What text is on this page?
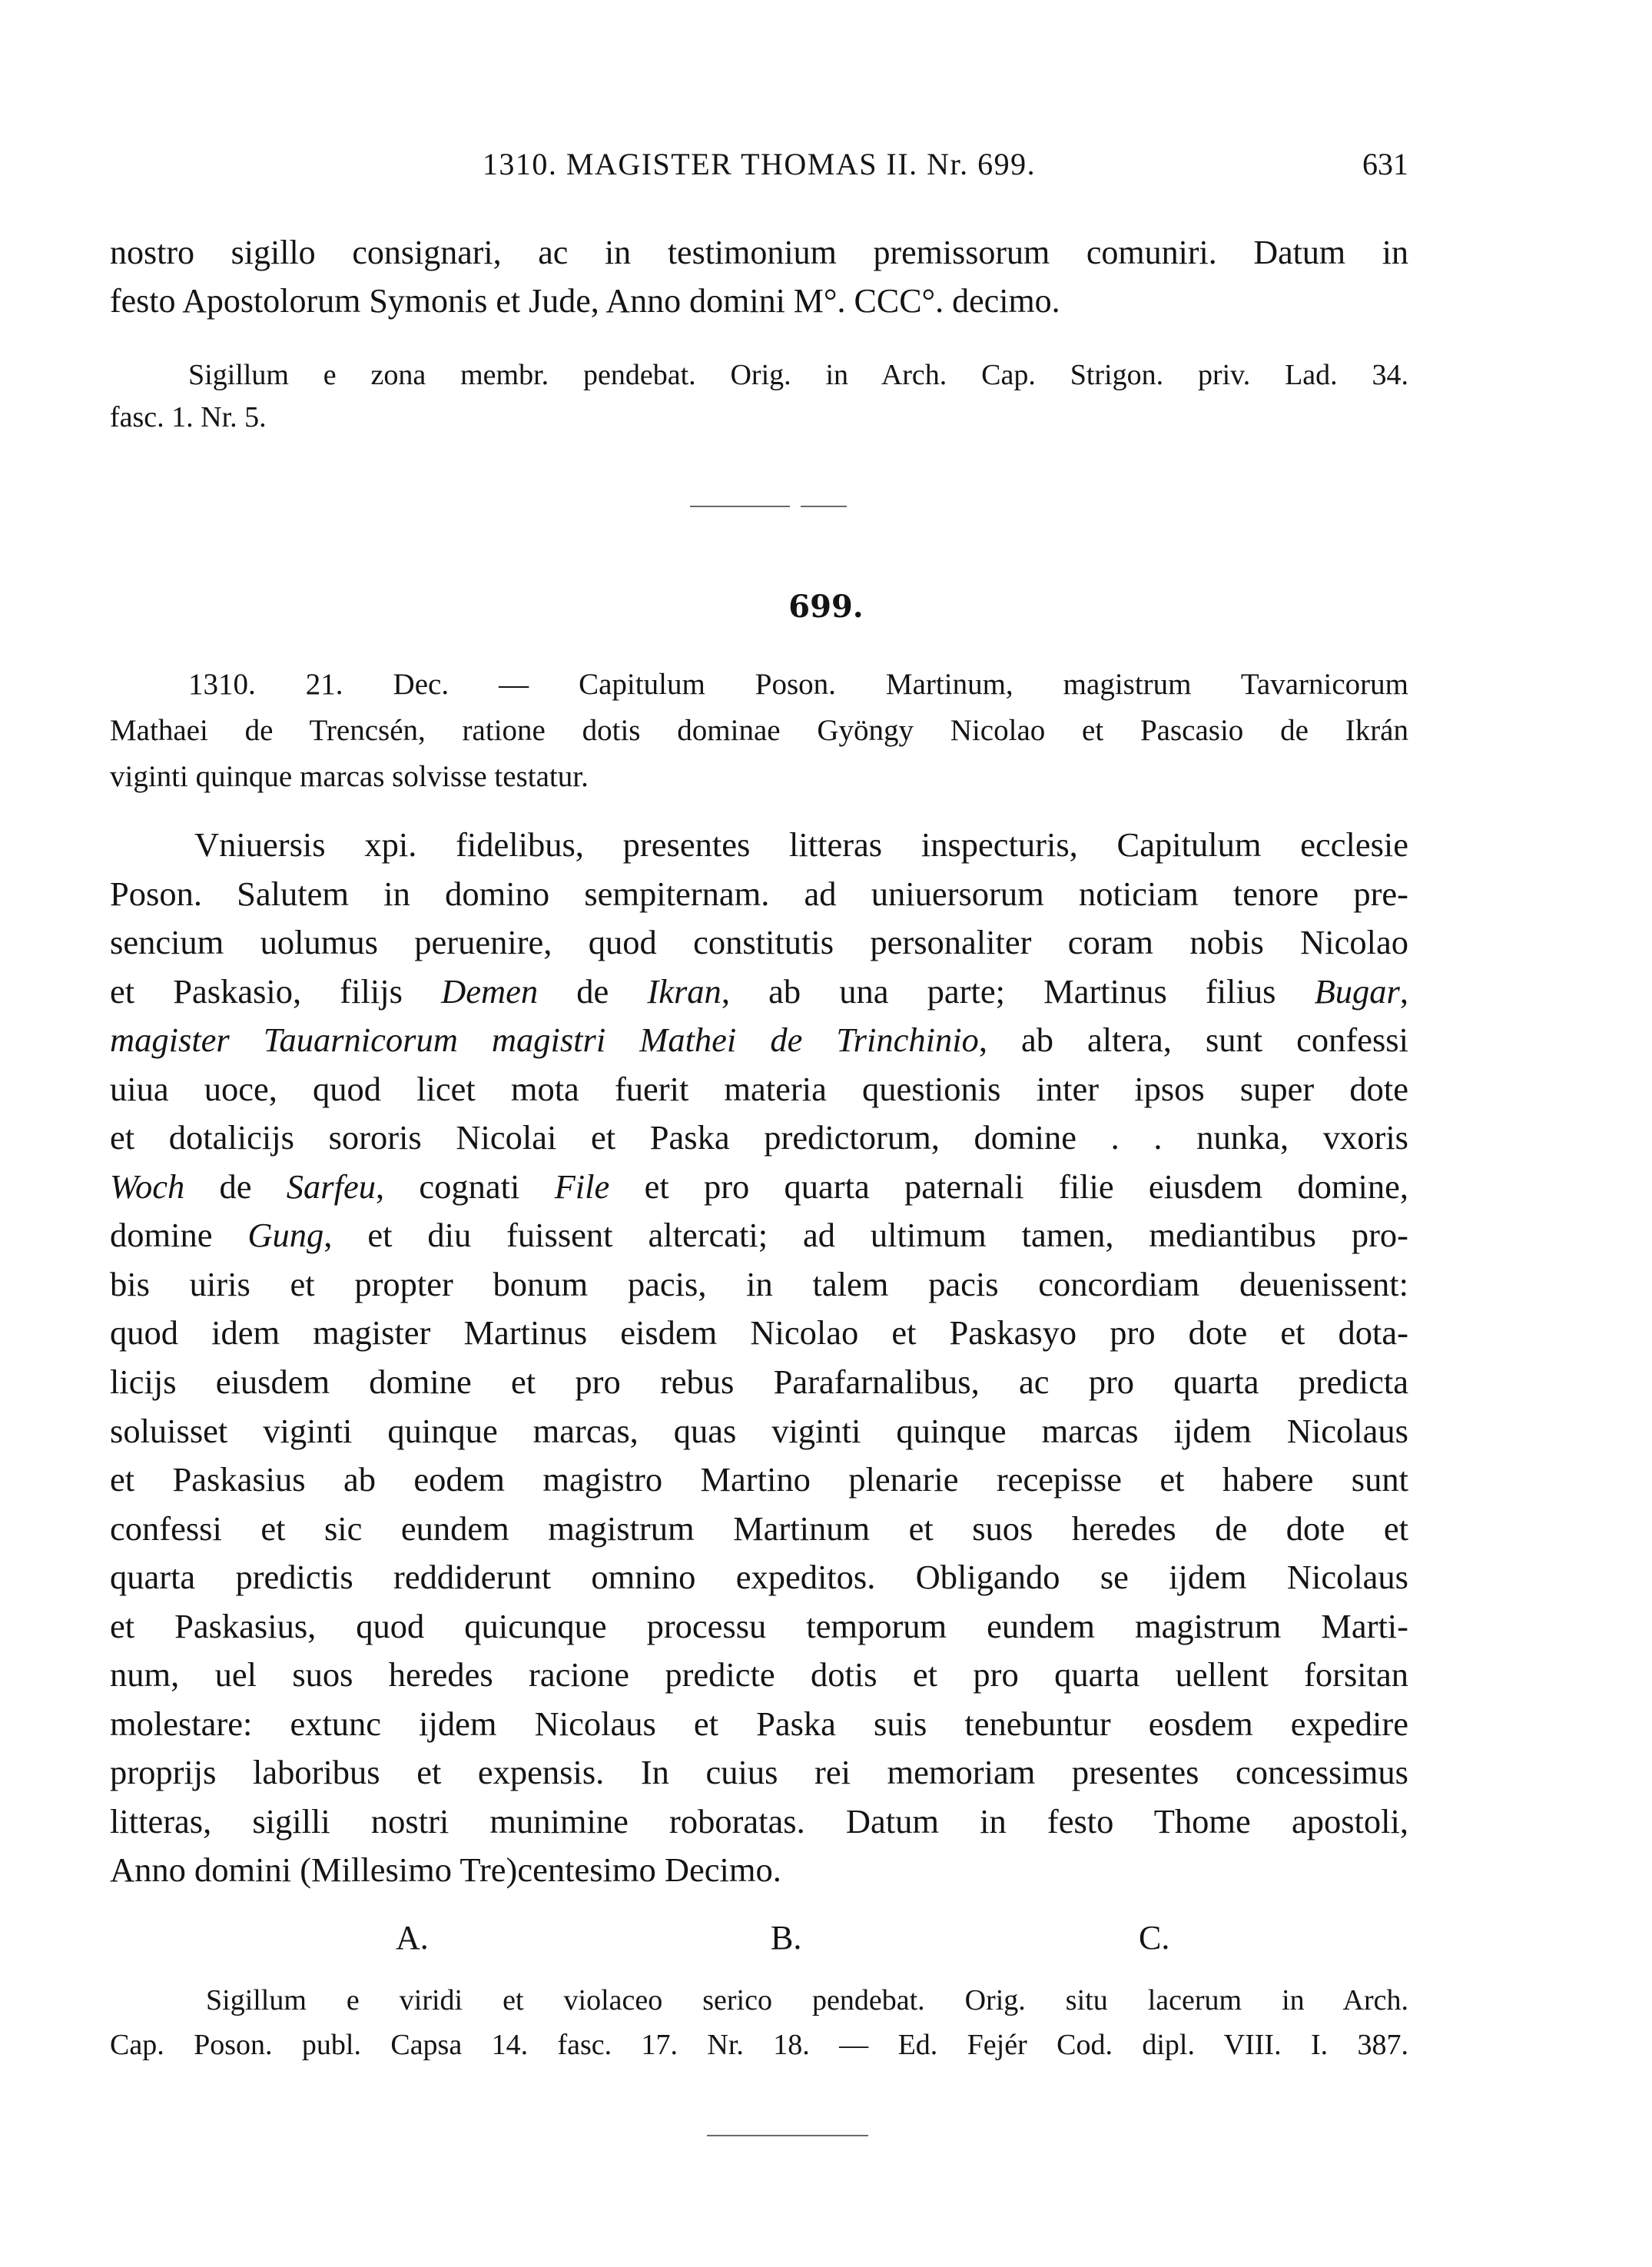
1310. MAGISTER THOMAS II. Nr. 699.	631
nostro sigillo consignari, ac in testimonium premissorum comuniri. Datum in
festo Apostolorum Symonis et Jude, Anno domini M°. CCC°. decimo.
Sigillum e zona membr. pendebat. Orig. in Arch. Cap. Strigon. priv. Lad. 34.
fasc. 1. Nr. 5.
699.
1310. 21. Dec. — Capitulum Poson. Martinum, magistrum Tavarnicorum
Mathaei de Trencsén, ratione dotis dominae Gyöngy Nicolao et Pascasio de Ikrán
viginti quinque marcas solvisse testatur.
Vniuersis xpi. fidelibus, presentes litteras inspecturis, Capitulum ecclesie
Poson. Salutem in domino sempiternam. ad uniuersorum noticiam tenore pre-
sencium uolumus peruenire, quod constitutis personaliter coram nobis Nicolao
et Paskasio, filijs Demen de Ikran, ab una parte; Martinus filius Bugar,
magister Tauarnicorum magistri Mathei de Trinchinio, ab altera, sunt confessi
uiua uoce, quod licet mota fuerit materia questionis inter ipsos super dote
et dotalicijs sororis Nicolai et Paska predictorum, domine . . nunka, vxoris
Woch de Sarfeu, cognati File et pro quarta paternali filie eiusdem domine,
domine Gung, et diu fuissent altercati; ad ultimum tamen, mediantibus pro-
bis uiris et propter bonum pacis, in talem pacis concordiam deuenissent:
quod idem magister Martinus eisdem Nicolao et Paskasyo pro dote et dota-
licijs eiusdem domine et pro rebus Parafarnalibus, ac pro quarta predicta
soluisset viginti quinque marcas, quas viginti quinque marcas ijdem Nicolaus
et Paskasius ab eodem magistro Martino plenarie recepisse et habere sunt
confessi et sic eundem magistrum Martinum et suos heredes de dote et
quarta predictis reddiderunt omnino expeditos. Obligando se ijdem Nicolaus
et Paskasius, quod quicunque processu temporum eundem magistrum Marti-
num, uel suos heredes racione predicte dotis et pro quarta uellent forsitan
molestare: extunc ijdem Nicolaus et Paska suis tenebuntur eosdem expedire
proprijs laboribus et expensis. In cuius rei memoriam presentes concessimus
litteras, sigilli nostri munimine roboratas. Datum in festo Thome apostoli,
Anno domini (Millesimo Tre)centesimo Decimo.
A.	B.	C.
Sigillum e viridi et violaceo serico pendebat. Orig. situ lacerum in Arch.
Cap. Poson. publ. Capsa 14. fasc. 17. Nr. 18. — Ed. Fejér Cod. dipl. VIII. I. 387.
